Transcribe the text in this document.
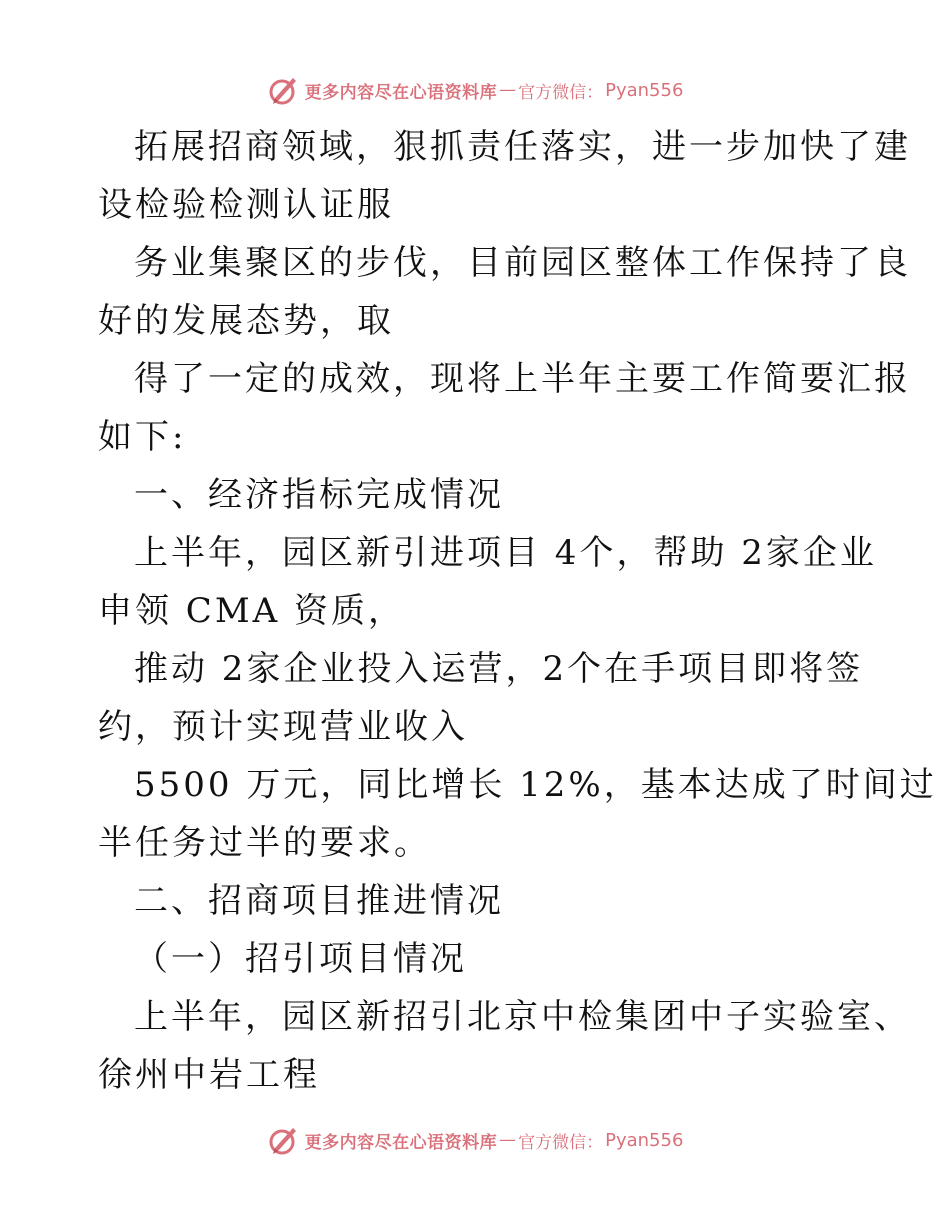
更多内容尽在心语资料库 — 官方微信： Pyan556

拓展招商领域，狠抓责任落实，进一步加快了建

设检验检测认证服

务业集聚区的步伐，目前园区整体工作保持了良

好的发展态势，取

得了一定的成效，现将上半年主要工作简要汇报

如下:

一、经济指标完成情况

上半年，园区新引进项目 4个，帮助 2家企业

申领 CMA 资质，

推动 2家企业投入运营，2个在手项目即将签

约，预计实现营业收入

5500 万元，同比增长 12%，基本达成了时间过

半任务过半的要求。

二、招商项目推进情况

（一）招引项目情况

上半年，园区新招引北京中检集团中子实验室、

徐州中岩工程

更多内容尽在心语资料库 — 官方微信： Pyan556
